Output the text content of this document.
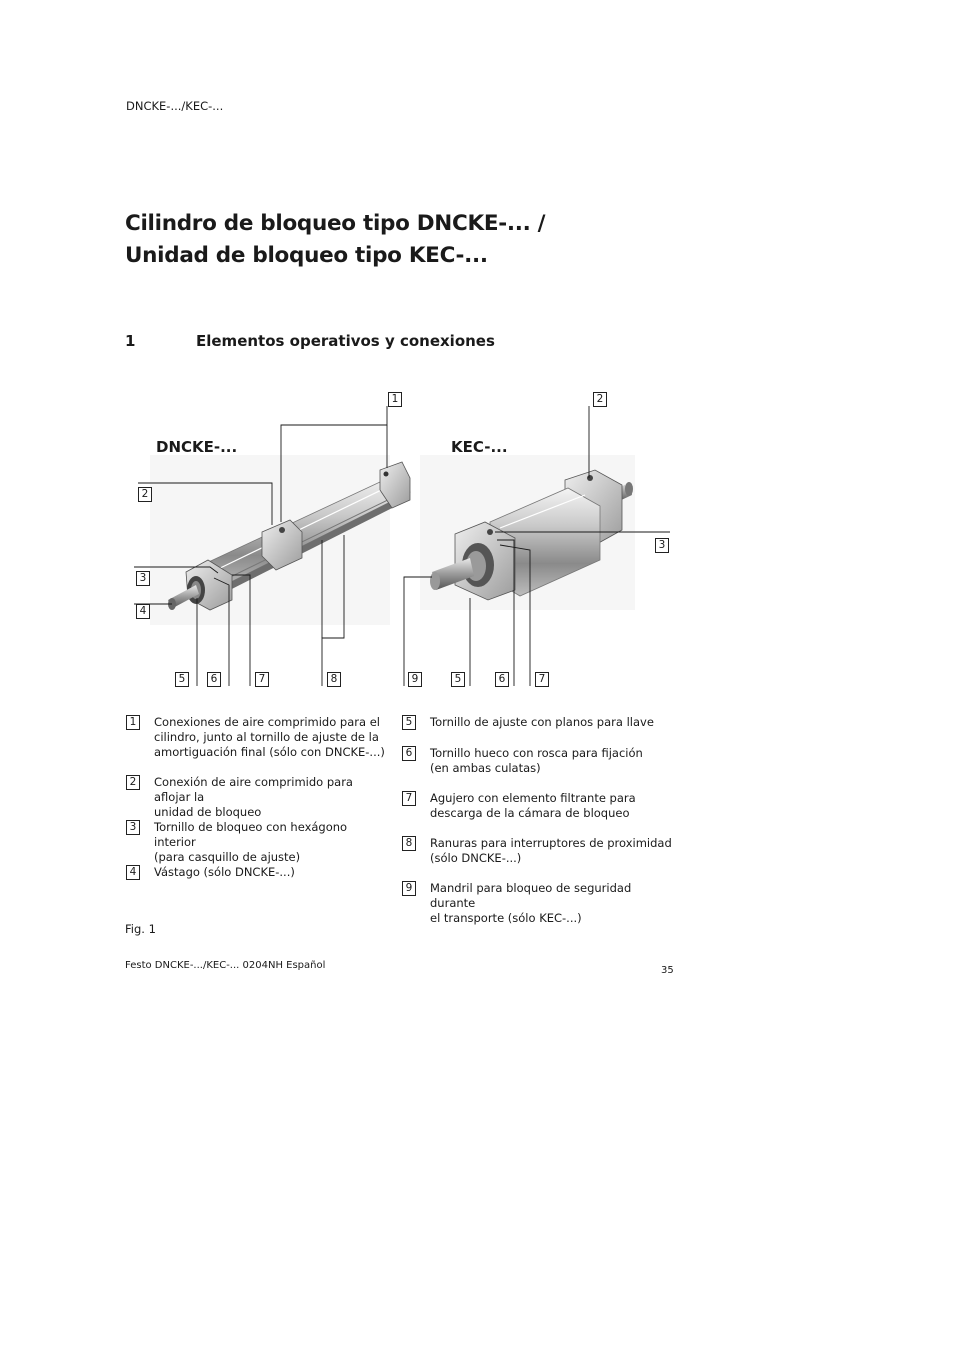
DNCKE-.../KEC-...
Cilindro de bloqueo tipo DNCKE-... /
Unidad de bloqueo tipo KEC-...
1	Elementos operativos y conexiones
DNCKE-...	KEC-...
1	2
2
3
3
4
5	6	7	8	9	5	6	7
1	Conexiones de aire comprimido para el
cilindro, junto al tornillo de ajuste de la
amortiguación final (sólo con DNCKE-...)
2	Conexión de aire comprimido para aflojar la
unidad de bloqueo
3	Tornillo de bloqueo con hexágono interior
(para casquillo de ajuste)
4	Vástago (sólo DNCKE-...)
5	Tornillo de ajuste con planos para llave
6	Tornillo hueco con rosca para fijación
(en ambas culatas)
7	Agujero con elemento filtrante para
descarga de la cámara de bloqueo
8	Ranuras para interruptores de proximidad
(sólo DNCKE-...)
9	Mandril para bloqueo de seguridad durante
el transporte (sólo KEC-...)
Fig. 1
Festo DNCKE-.../KEC-... 0204NH Español	35
